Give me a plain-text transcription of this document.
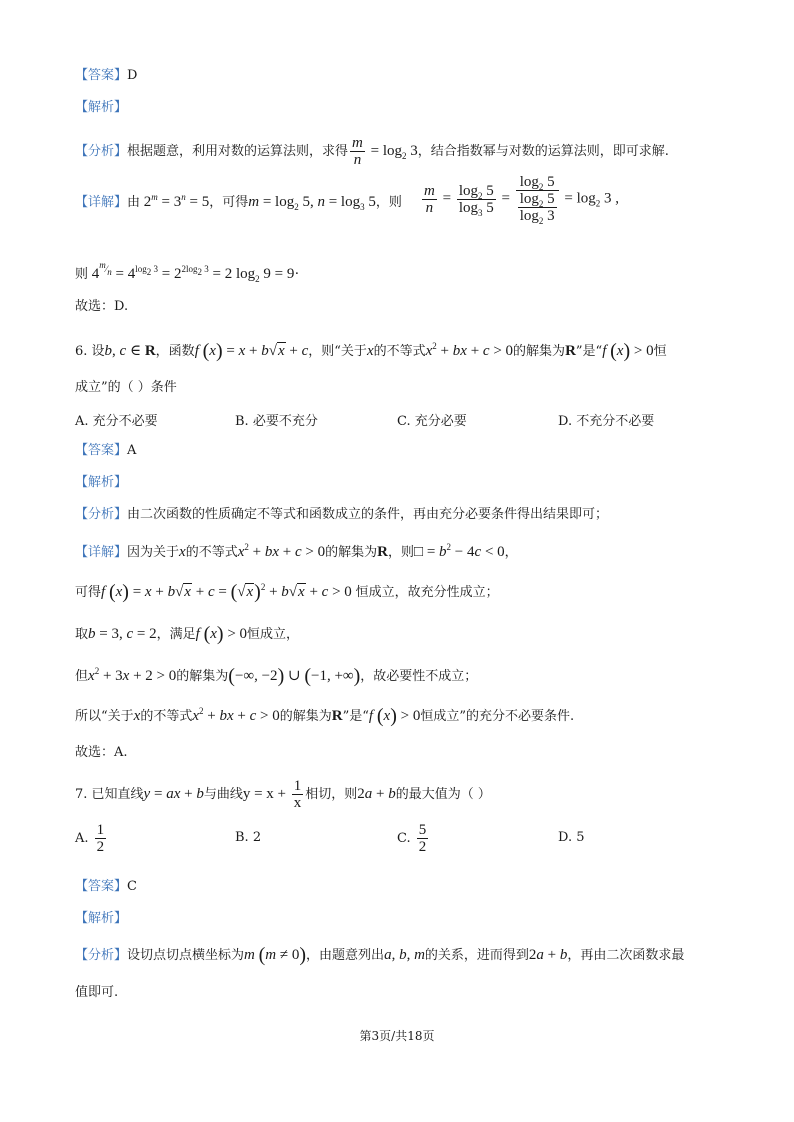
【答案】D
【解析】
【分析】根据题意，利用对数的运算法则，求得 $\frac{m}{n} = \log_2 3$，结合指数幂与对数的运算法则，即可求解.
【详解】由 $2^m = 3^n = 5$，可得$m = \log_2 5$, $n = \log_3 5$，则 $\frac{m}{n} = \frac{\log_2 5}{\log_3 5} = \frac{\log_2 5}{\frac{\log_2 5}{\log_2 3}} = \log_2 3$ ,
则 $4^{^m⁄_n} = 4^{log_2 3} = 2^{2log_2 3} = 2$ $\log_2 9 = 9\cdot$
故选：D.
6. 设b, c ∈ R，函数f (x) = x + b√x + c，则“关于x的不等式$x^2$ + bx + c > 0的解集为R”是“f (x) > 0恒
成立”的（ ）条件
A. 充分不必要	B. 必要不充分	C. 充分必要	D. 不充分不必要
【答案】A
【解析】
【分析】由二次函数的性质确定不等式和函数成立的条件，再由充分必要条件得出结果即可；
【详解】因为关于x的不等式$x^2$ + bx + c > 0的解集为R，则□ = $b^2 - 4c < 0$，
可得f $(x) = x + b√x + c = (√x)^2 + b√x + c > 0$ 恒成立，故充分性成立；
取b = 3, c = 2，满足f (x) > 0恒成立，
但$x^2 + 3x + 2 > 0$的解集为(−∞, −2) ∪ (−1, +∞)，故必要性不成立；
所以“关于x的不等式$x^2$ + bx + c > 0的解集为R”是“f (x) > 0恒成立”的充分不必要条件.
故选：A.
7. 已知直线y = ax + b与曲线$y = x + \frac{1}{x}$ 相切，则2a + b的最大值为（ ）
A. $\frac{1}{2}$	B. 2	C. $\frac{5}{2}$	D. 5
【答案】C
【解析】
【分析】设切点切点横坐标为m (m ≠ 0)，由题意列出a, b, m的关系，进而得到2a + b，再由二次函数求最
值即可.
第3页/共18页
